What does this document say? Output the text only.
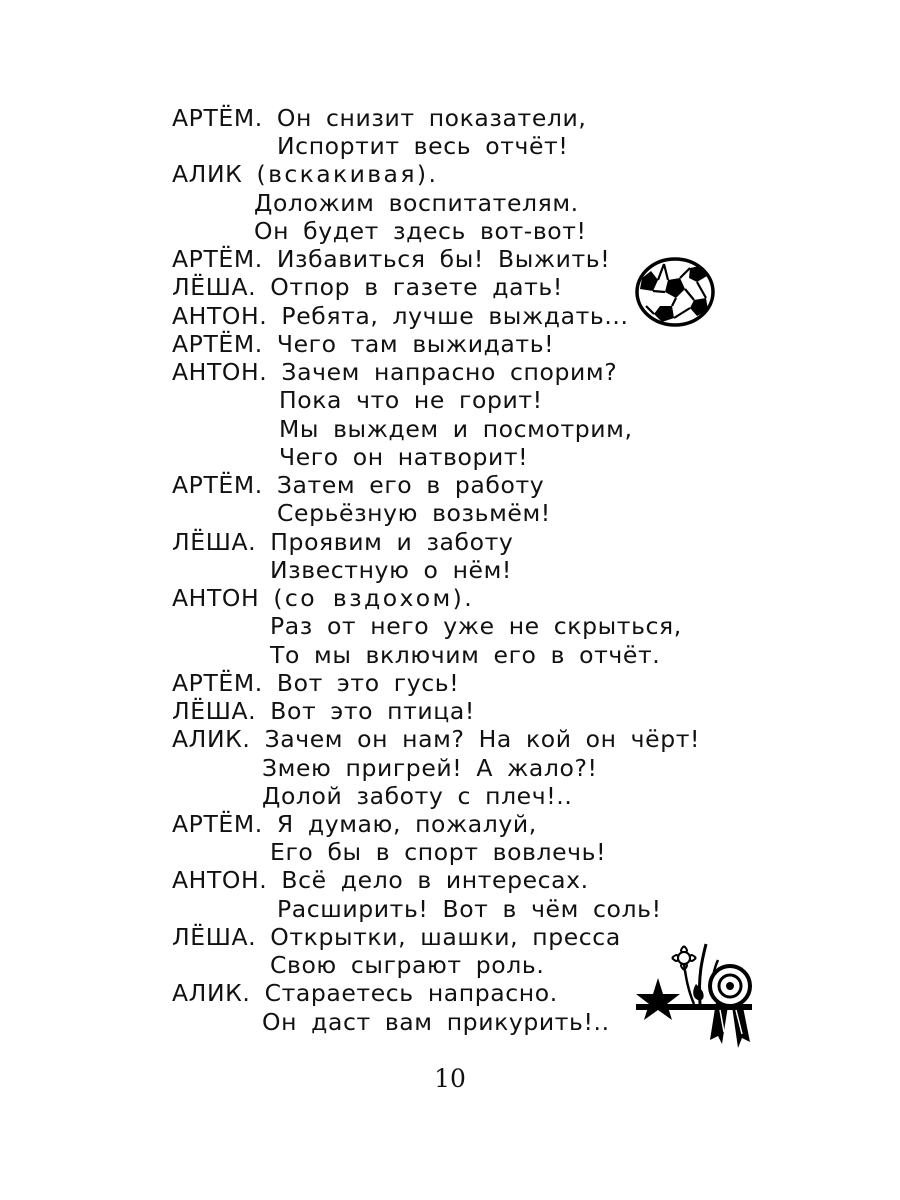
АРТЁМ. Он снизит показатели,
Испортит весь отчёт!
АЛИК (вскакивая).
Доложим воспитателям.
Он будет здесь вот-вот!
АРТЁМ. Избавиться бы! Выжить!
ЛЁША. Отпор в газете дать!
АНТОН. Ребята, лучше выждать...
АРТЁМ. Чего там выжидать!
АНТОН. Зачем напрасно спорим?
Пока что не горит!
Мы выждем и посмотрим,
Чего он натворит!
АРТЁМ. Затем его в работу
Серьёзную возьмём!
ЛЁША. Проявим и заботу
Известную о нём!
АНТОН (со вздохом).
Раз от него уже не скрыться,
То мы включим его в отчёт.
АРТЁМ. Вот это гусь!
ЛЁША. Вот это птица!
АЛИК. Зачем он нам? На кой он чёрт!
Змею пригрей! А жало?!
Долой заботу с плеч!..
АРТЁМ. Я думаю, пожалуй,
Его бы в спорт вовлечь!
АНТОН. Всё дело в интересах.
Расширить! Вот в чём соль!
ЛЁША. Открытки, шашки, пресса
Свою сыграют роль.
АЛИК. Стараетесь напрасно.
Он даст вам прикурить!..
10
